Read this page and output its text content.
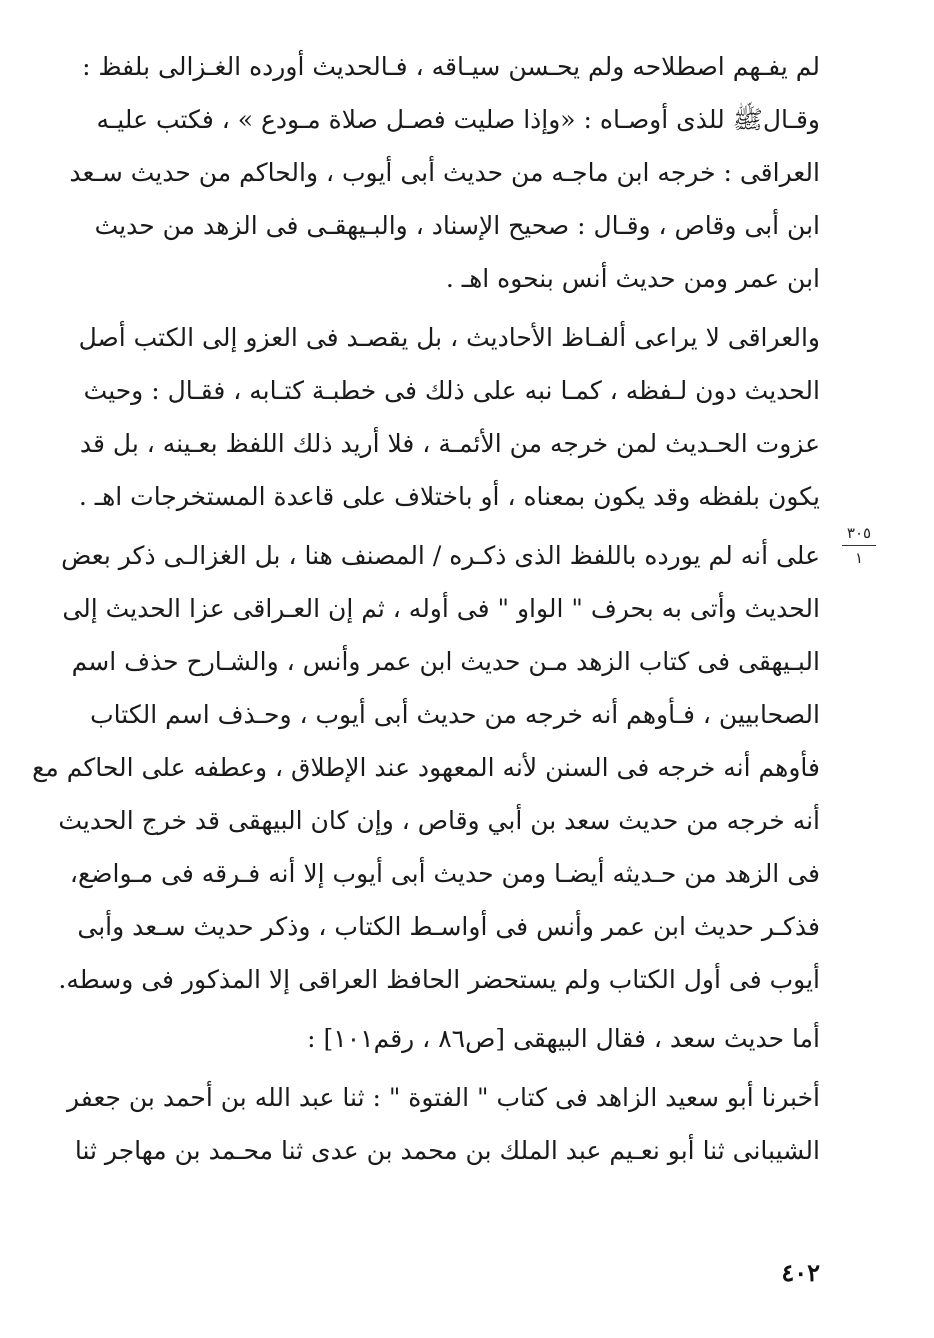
لم يفـهم اصطلاحه ولم يحـسن سيـاقه ، فـالحديث أورده الغـزالى بلفظ :
وقـالﷺ للذى أوصـاه : «وإذا صليت فصـل صلاة مـودع » ، فكتب عليـه
العراقى : خرجه ابن ماجـه من حديث أبى أيوب ، والحاكم من حديث سـعد
ابن أبى وقاص ، وقـال : صحيح الإسناد ، والبـيهقـى فى الزهد من حديث
ابن عمر ومن حديث أنس بنحوه اهـ .
والعراقى لا يراعى ألفـاظ الأحاديث ، بل يقصـد فى العزو إلى الكتب أصل
الحديث دون لـفظه ، كمـا نبه على ذلك فى خطبـة كتـابه ، فقـال : وحيث
عزوت الحـديث لمن خرجه من الأئمـة ، فلا أريد ذلك اللفظ بعـينه ، بل قد
يكون بلفظه وقد يكون بمعناه ، أو باختلاف على قاعدة المستخرجات اهـ .
على أنه لم يورده باللفظ الذى ذكـره / المصنف هنا ، بل الغزالـى ذكر بعض
الحديث وأتى به بحرف " الواو " فى أوله ، ثم إن العـراقى عزا الحديث إلى
البـيهقى فى كتاب الزهد مـن حديث ابن عمر وأنس ، والشـارح حذف اسم
الصحابيين ، فـأوهم أنه خرجه من حديث أبى أيوب ، وحـذف اسم الكتاب
فأوهم أنه خرجه فى السنن لأنه المعهود عند الإطلاق ، وعطفه على الحاكم مع
أنه خرجه من حديث سعد بن أبي وقاص ، وإن كان البيهقى قد خرج الحديث
فى الزهد من حـديثه أيضـا ومن حديث أبى أيوب إلا أنه فـرقه فى مـواضع،
فذكـر حديث ابن عمر وأنس فى أواسـط الكتاب ، وذكر حديث سـعد وأبى
أيوب فى أول الكتاب ولم يستحضر الحافظ العراقى إلا المذكور فى وسطه.
أما حديث سعد ، فقال البيهقى [ص٨٦ ، رقم١٠١] :
أخبرنا أبو سعيد الزاهد فى كتاب " الفتوة " : ثنا عبد الله بن أحمد بن جعفر
الشيبانى ثنا أبو نعـيم عبد الملك بن محمد بن عدى ثنا محـمد بن مهاجر ثنا
٣٠٥
١
٤٠٢
